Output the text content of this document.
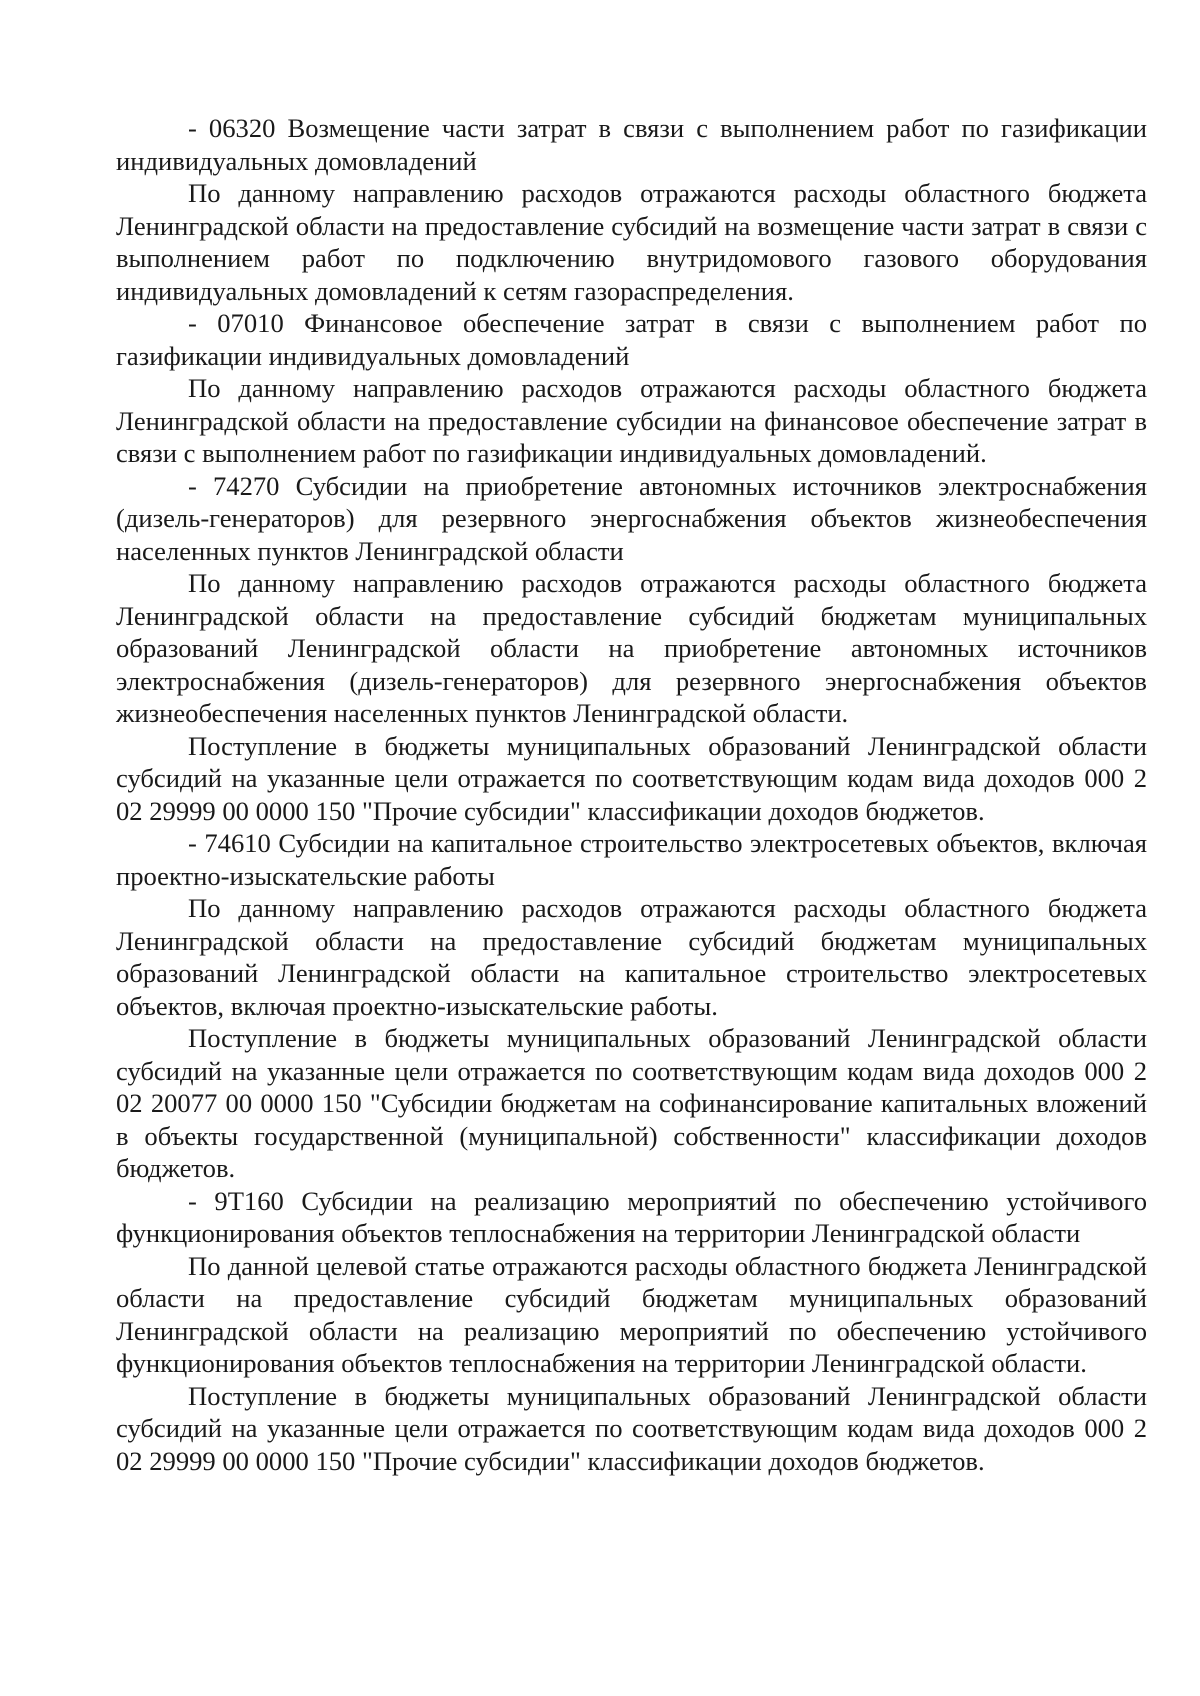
- 06320 Возмещение части затрат в связи с выполнением работ по газификации индивидуальных домовладений

По данному направлению расходов отражаются расходы областного бюджета Ленинградской области на предоставление субсидий на возмещение части затрат в связи с выполнением работ по подключению внутридомового газового оборудования индивидуальных домовладений к сетям газораспределения.

- 07010 Финансовое обеспечение затрат в связи с выполнением работ по газификации индивидуальных домовладений

По данному направлению расходов отражаются расходы областного бюджета Ленинградской области на предоставление субсидии на финансовое обеспечение затрат в связи с выполнением работ по газификации индивидуальных домовладений.

- 74270 Субсидии на приобретение автономных источников электроснабжения (дизель-генераторов) для резервного энергоснабжения объектов жизнеобеспечения населенных пунктов Ленинградской области

По данному направлению расходов отражаются расходы областного бюджета Ленинградской области на предоставление субсидий бюджетам муниципальных образований Ленинградской области на приобретение автономных источников электроснабжения (дизель-генераторов) для резервного энергоснабжения объектов жизнеобеспечения населенных пунктов Ленинградской области.

Поступление в бюджеты муниципальных образований Ленинградской области субсидий на указанные цели отражается по соответствующим кодам вида доходов 000 2 02 29999 00 0000 150 "Прочие субсидии" классификации доходов бюджетов.

- 74610 Субсидии на капитальное строительство электросетевых объектов, включая проектно-изыскательские работы

По данному направлению расходов отражаются расходы областного бюджета Ленинградской области на предоставление субсидий бюджетам муниципальных образований Ленинградской области на капитальное строительство электросетевых объектов, включая проектно-изыскательские работы.

Поступление в бюджеты муниципальных образований Ленинградской области субсидий на указанные цели отражается по соответствующим кодам вида доходов 000 2 02 20077 00 0000 150 "Субсидии бюджетам на софинансирование капитальных вложений в объекты государственной (муниципальной) собственности" классификации доходов бюджетов.

- 9Т160 Субсидии на реализацию мероприятий по обеспечению устойчивого функционирования объектов теплоснабжения на территории Ленинградской области

По данной целевой статье отражаются расходы областного бюджета Ленинградской области на предоставление субсидий бюджетам муниципальных образований Ленинградской области на реализацию мероприятий по обеспечению устойчивого функционирования объектов теплоснабжения на территории Ленинградской области.

Поступление в бюджеты муниципальных образований Ленинградской области субсидий на указанные цели отражается по соответствующим кодам вида доходов 000 2 02 29999 00 0000 150 "Прочие субсидии" классификации доходов бюджетов.
